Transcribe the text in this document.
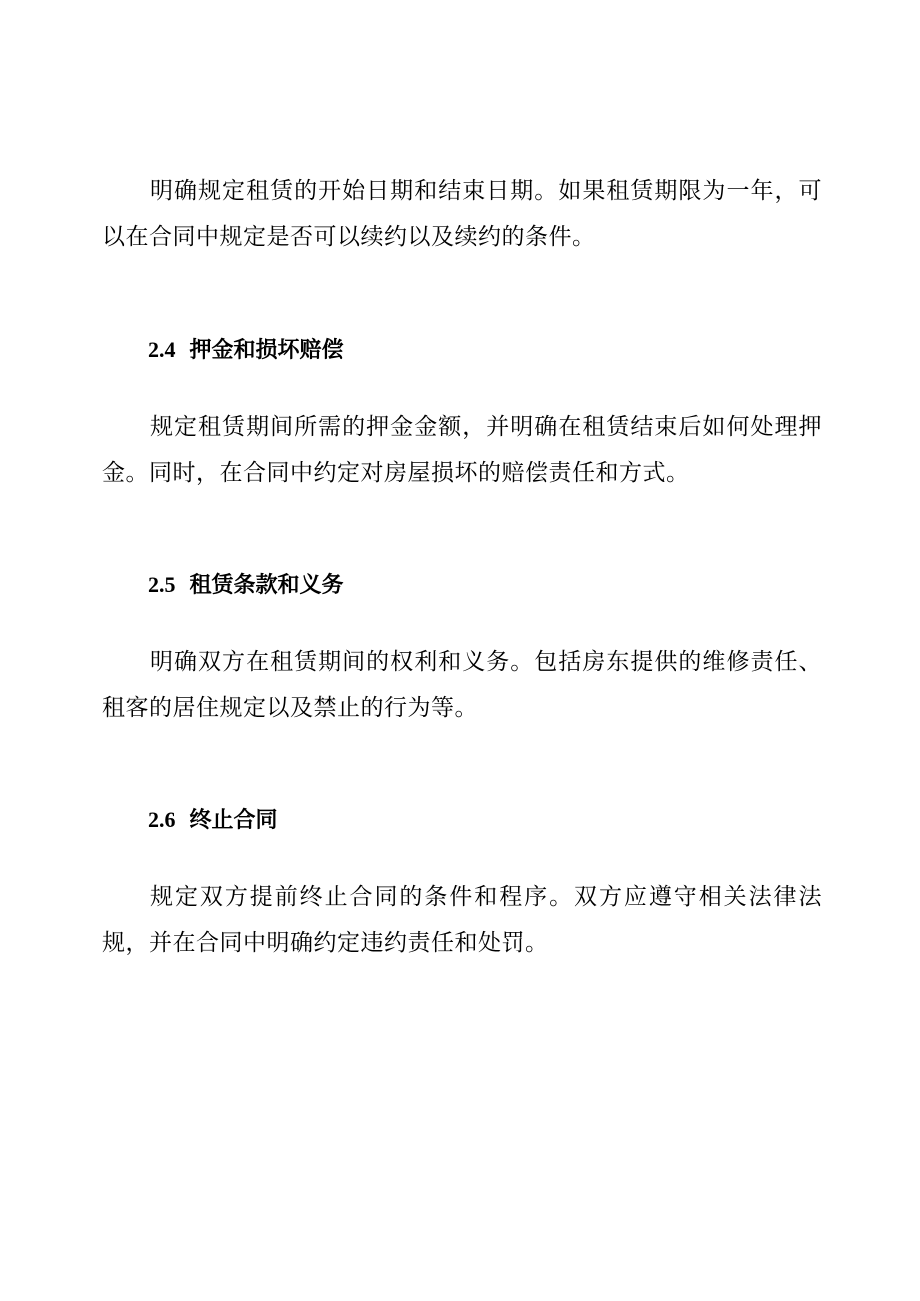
明确规定租赁的开始日期和结束日期。如果租赁期限为一年，可以在合同中规定是否可以续约以及续约的条件。

2.4 押金和损坏赔偿

规定租赁期间所需的押金金额，并明确在租赁结束后如何处理押金。同时，在合同中约定对房屋损坏的赔偿责任和方式。

2.5 租赁条款和义务

明确双方在租赁期间的权利和义务。包括房东提供的维修责任、租客的居住规定以及禁止的行为等。

2.6 终止合同

规定双方提前终止合同的条件和程序。双方应遵守相关法律法规，并在合同中明确约定违约责任和处罚。
